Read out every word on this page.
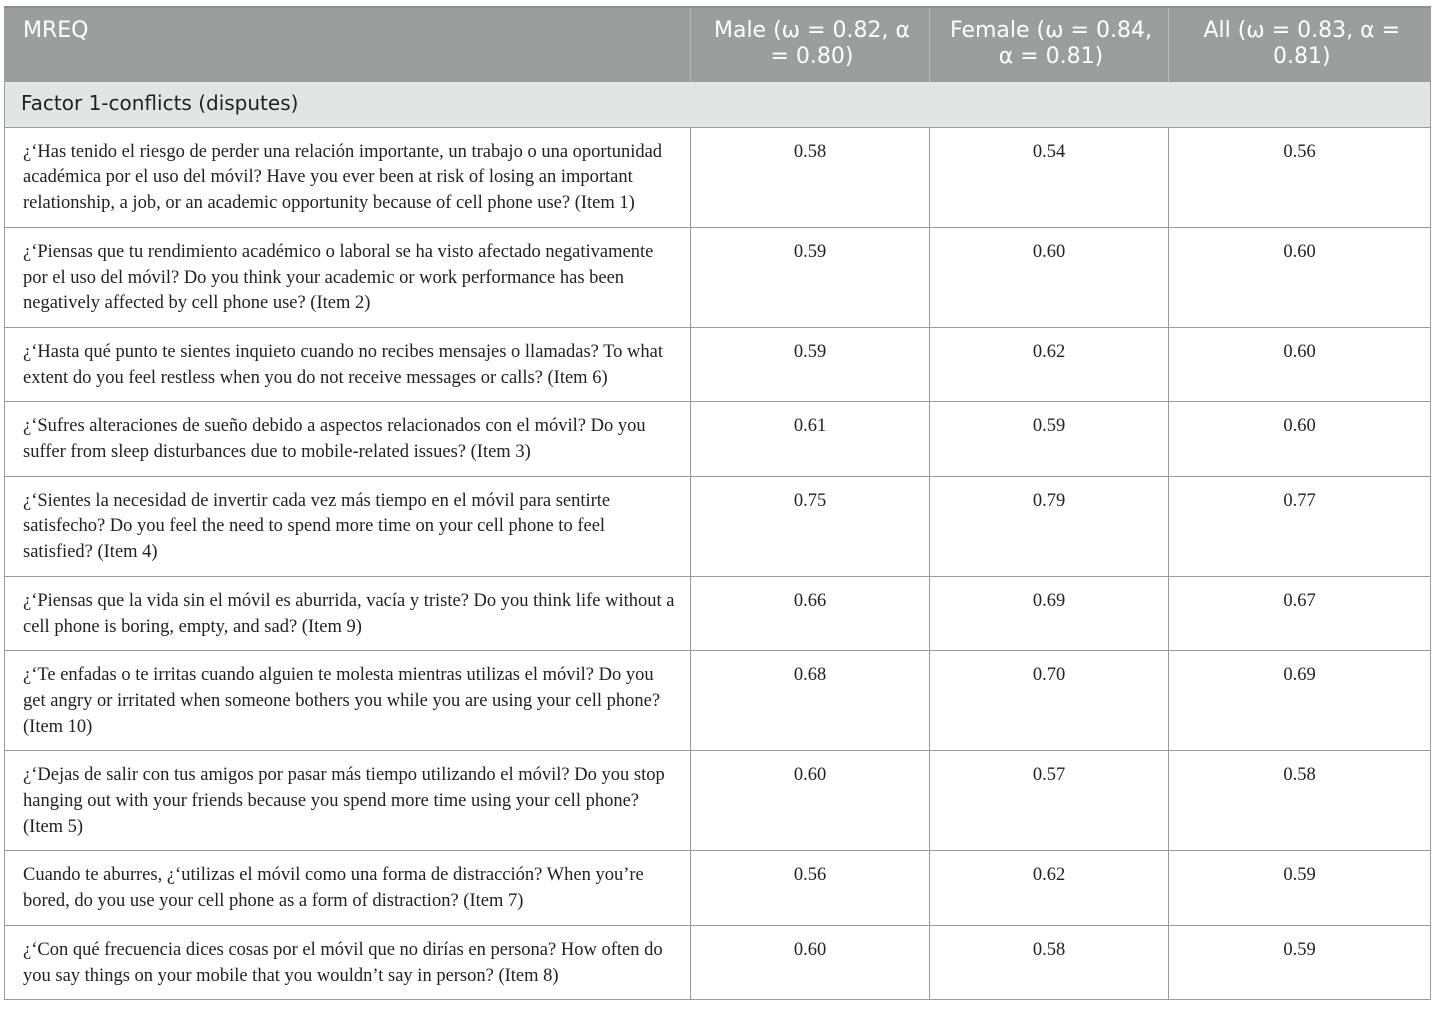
MREQ	Male (ω = 0.82, α = 0.80)	Female (ω = 0.84, α = 0.81)	All (ω = 0.83, α = 0.81)
Factor 1-conflicts (disputes)			
¿‘Has tenido el riesgo de perder una relación importante, un trabajo o una oportunidad académica por el uso del móvil? Have you ever been at risk of losing an important relationship, a job, or an academic opportunity because of cell phone use? (Item 1)	0.58	0.54	0.56
¿‘Piensas que tu rendimiento académico o laboral se ha visto afectado negativamente por el uso del móvil? Do you think your academic or work performance has been negatively affected by cell phone use? (Item 2)	0.59	0.60	0.60
¿‘Hasta qué punto te sientes inquieto cuando no recibes mensajes o llamadas? To what extent do you feel restless when you do not receive messages or calls? (Item 6)	0.59	0.62	0.60
¿‘Sufres alteraciones de sueño debido a aspectos relacionados con el móvil? Do you suffer from sleep disturbances due to mobile-related issues? (Item 3)	0.61	0.59	0.60
¿‘Sientes la necesidad de invertir cada vez más tiempo en el móvil para sentirte satisfecho? Do you feel the need to spend more time on your cell phone to feel satisfied? (Item 4)	0.75	0.79	0.77
¿‘Piensas que la vida sin el móvil es aburrida, vacía y triste? Do you think life without a cell phone is boring, empty, and sad? (Item 9)	0.66	0.69	0.67
¿‘Te enfadas o te irritas cuando alguien te molesta mientras utilizas el móvil? Do you get angry or irritated when someone bothers you while you are using your cell phone? (Item 10)	0.68	0.70	0.69
¿‘Dejas de salir con tus amigos por pasar más tiempo utilizando el móvil? Do you stop hanging out with your friends because you spend more time using your cell phone? (Item 5)	0.60	0.57	0.58
Cuando te aburres, ¿‘utilizas el móvil como una forma de distracción? When you’re bored, do you use your cell phone as a form of distraction? (Item 7)	0.56	0.62	0.59
¿‘Con qué frecuencia dices cosas por el móvil que no dirías en persona? How often do you say things on your mobile that you wouldn’t say in person? (Item 8)	0.60	0.58	0.59
